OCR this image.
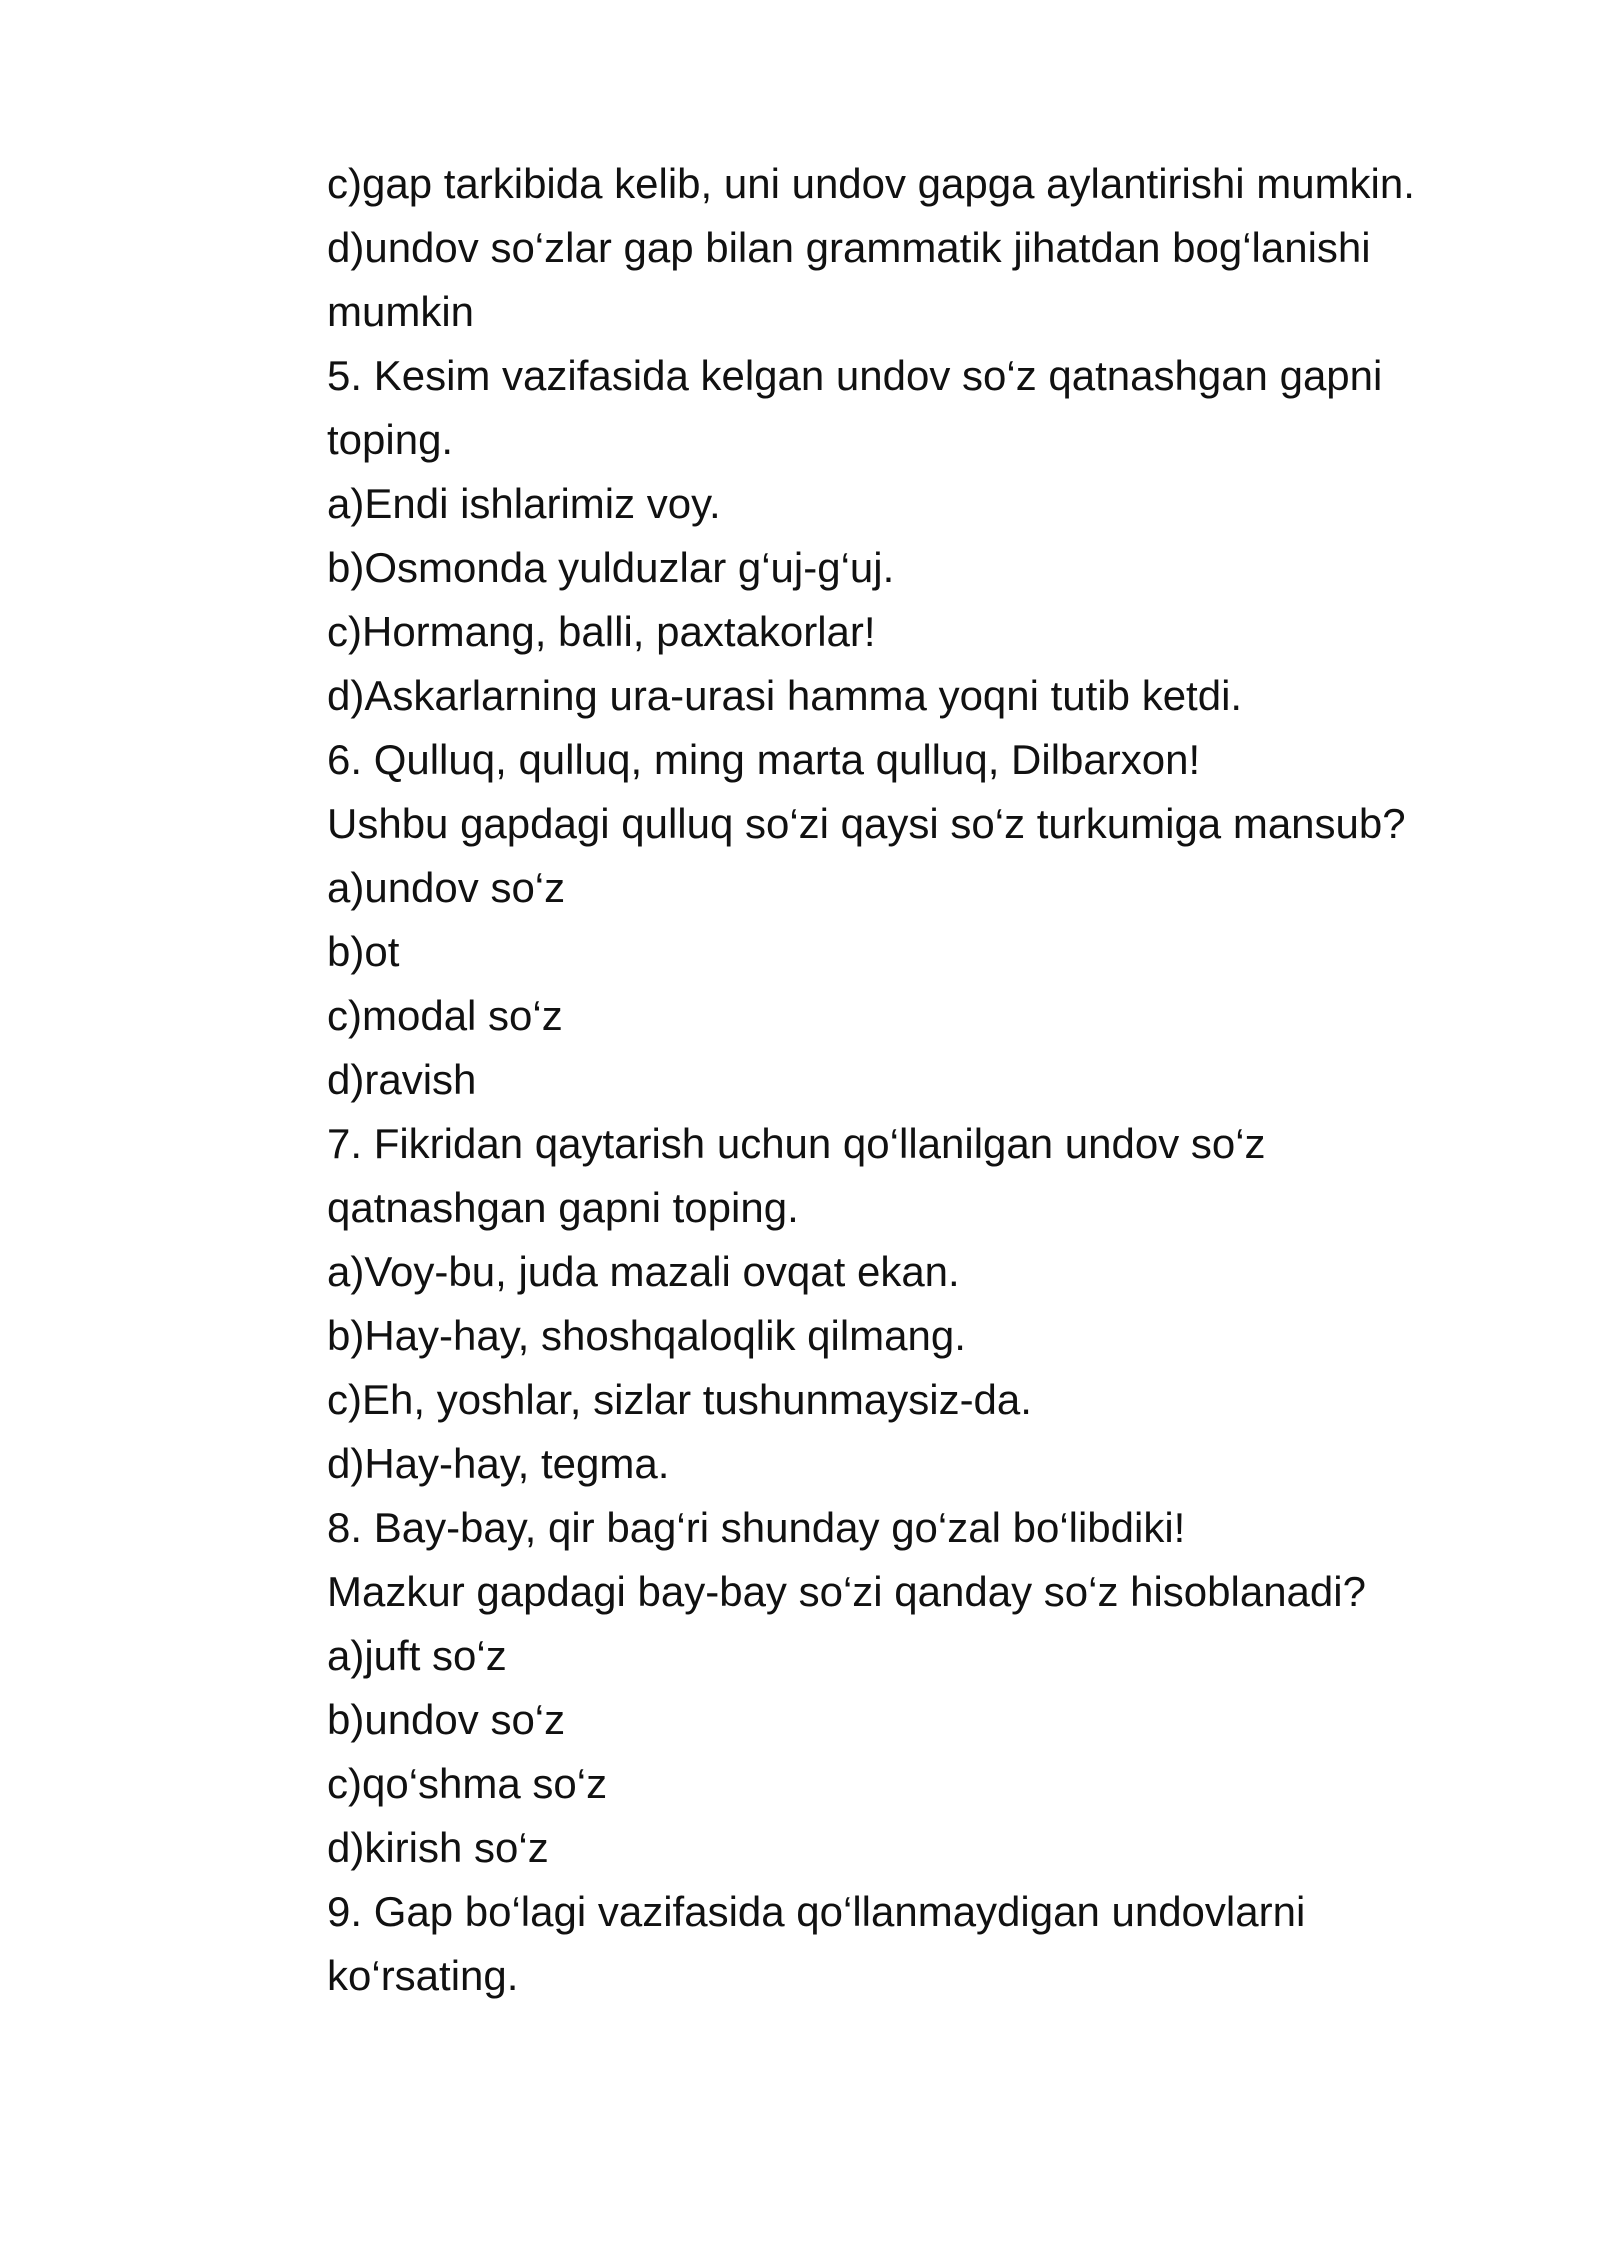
c)gap tarkibida kelib, uni undov gapga aylantirishi mumkin.
d)undov so‘zlar gap bilan grammatik jihatdan bog‘lanishi
mumkin
5. Kesim vazifasida kelgan undov so‘z qatnashgan gapni
toping.
a)Endi ishlarimiz voy.
b)Osmonda yulduzlar g‘uj-g‘uj.
c)Hormang, balli, paxtakorlar!
d)Askarlarning ura-urasi hamma yoqni tutib ketdi.
6. Qulluq, qulluq, ming marta qulluq, Dilbarxon!
Ushbu gapdagi qulluq so‘zi qaysi so‘z turkumiga mansub?
a)undov so‘z
b)ot
c)modal so‘z
d)ravish
7. Fikridan qaytarish uchun qo‘llanilgan undov so‘z
qatnashgan gapni toping.
a)Voy-bu, juda mazali ovqat ekan.
b)Hay-hay, shoshqaloqlik qilmang.
c)Eh, yoshlar, sizlar tushunmaysiz-da.
d)Hay-hay, tegma.
8. Bay-bay, qir bag‘ri shunday go‘zal bo‘libdiki!
Mazkur gapdagi bay-bay so‘zi qanday so‘z hisoblanadi?
a)juft so‘z
b)undov so‘z
c)qo‘shma so‘z
d)kirish so‘z
9. Gap bo‘lagi vazifasida qo‘llanmaydigan undovlarni
ko‘rsating.
